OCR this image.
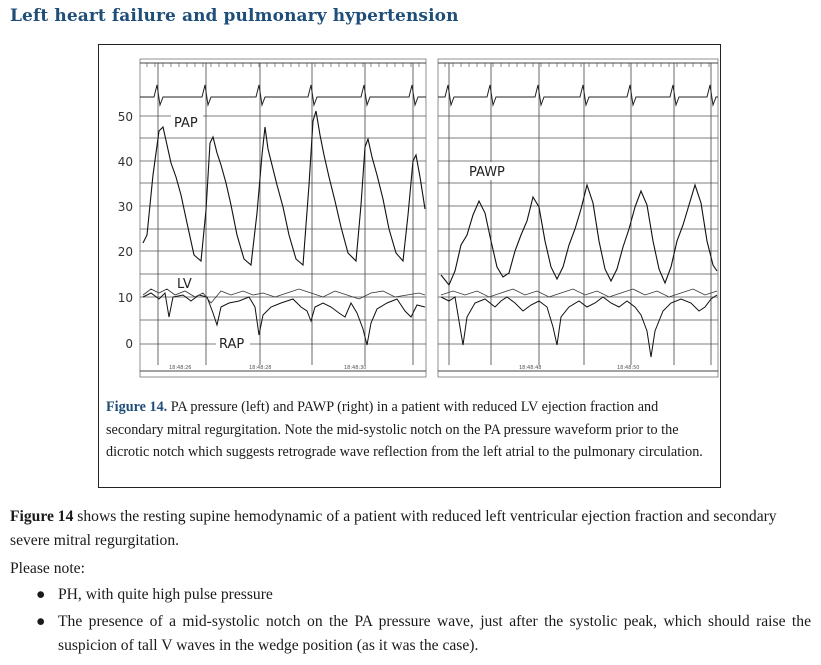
Left heart failure and pulmonary hypertension
50
40
30
20
10
0
18:48:26	18:48:28	18:48:30	18:48:48	18:48:50
PAP
LV
RAP
PAWP

Figure 14. PA pressure (left) and PAWP (right) in a patient with reduced LV ejection fraction and secondary mitral regurgitation. Note the mid-systolic notch on the PA pressure waveform prior to the dicrotic notch which suggests retrograde wave reflection from the left atrial to the pulmonary circulation.

Figure 14 shows the resting supine hemodynamic of a patient with reduced left ventricular ejection fraction and secondary severe mitral regurgitation.

Please note:

● PH, with quite high pulse pressure
● The presence of a mid-systolic notch on the PA pressure wave, just after the systolic peak, which should raise the suspicion of tall V waves in the wedge position (as it was the case).
